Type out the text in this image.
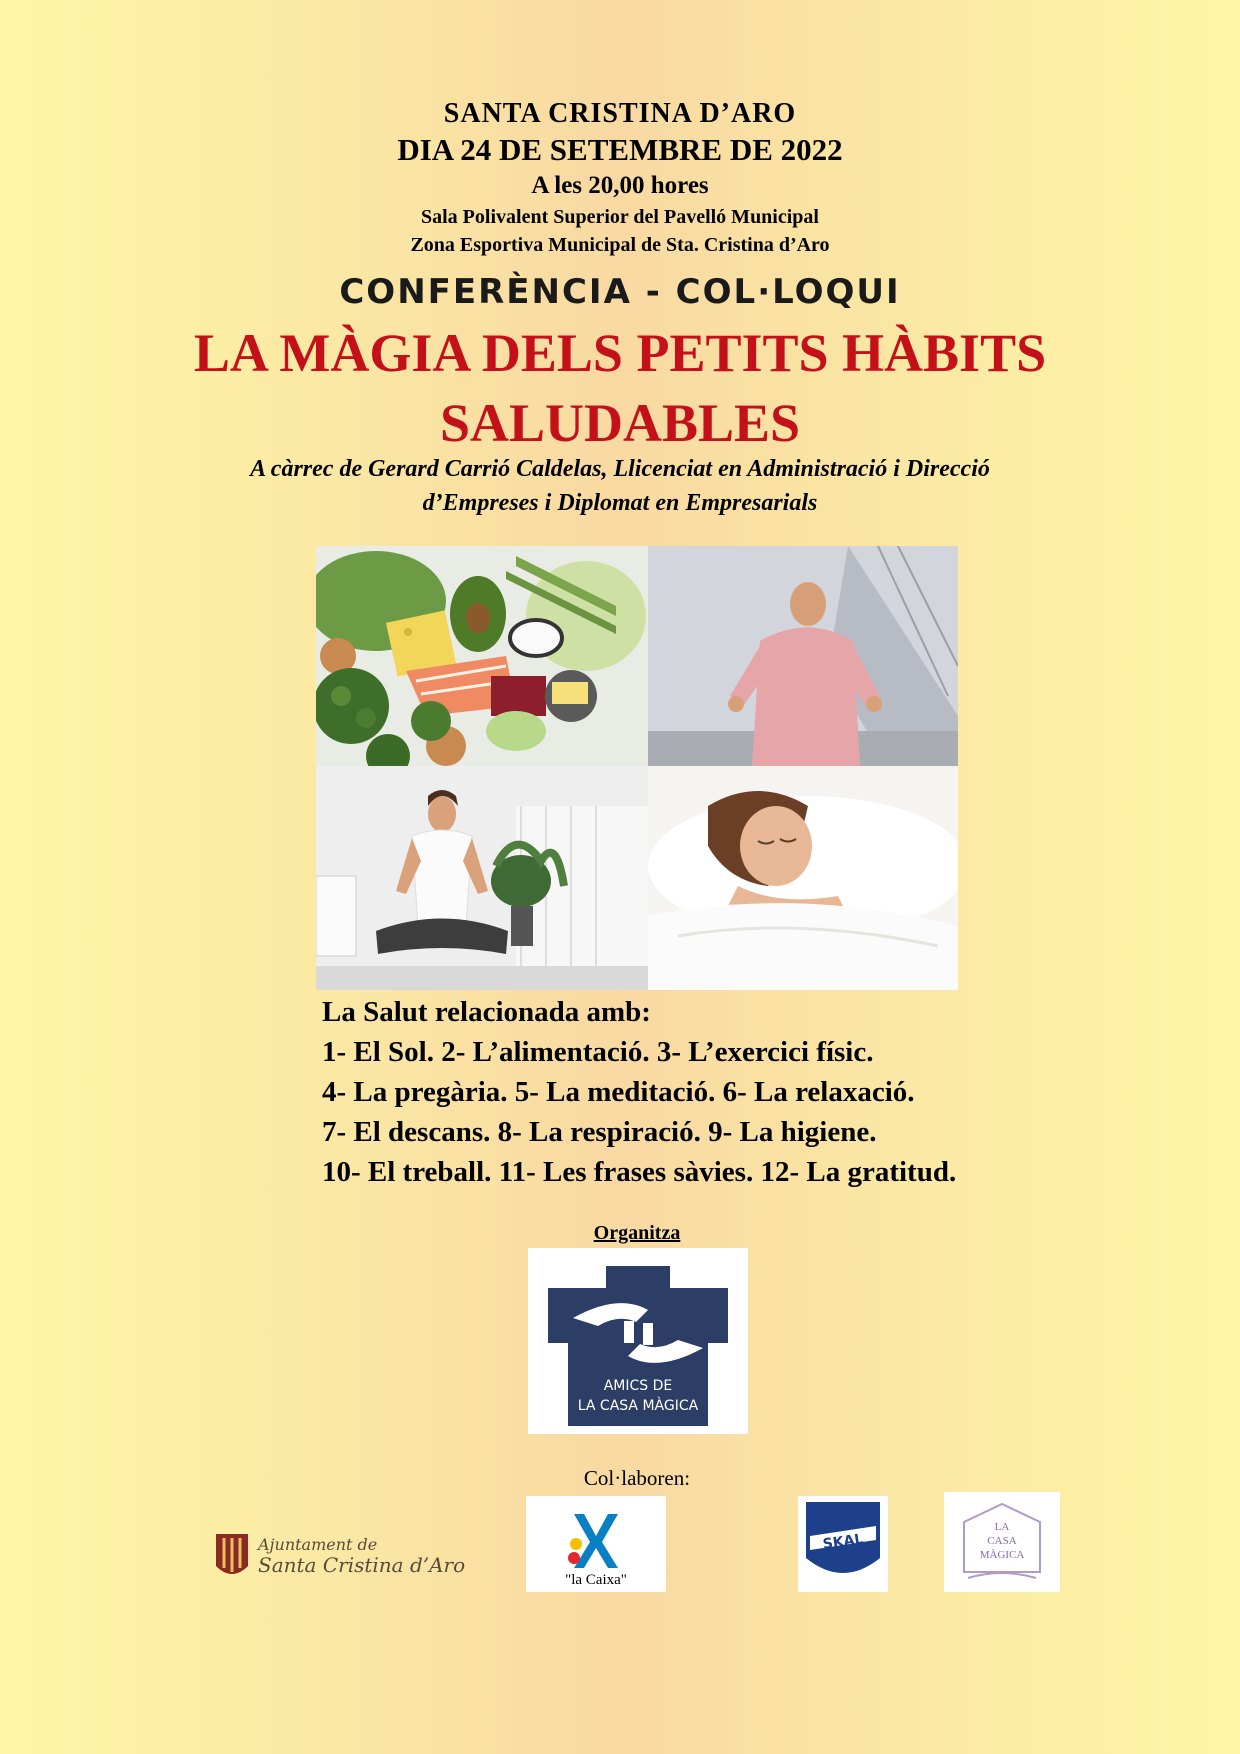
SANTA CRISTINA D’ARO
DIA 24 DE SETEMBRE DE 2022
A les 20,00 hores
Sala Polivalent Superior del Pavelló Municipal
Zona Esportiva Municipal de Sta. Cristina d’Aro
CONFERÈNCIA - COL·LOQUI
LA MÀGIA DELS PETITS HÀBITS
SALUDABLES
A càrrec de Gerard Carrió Caldelas, Llicenciat en Administració i Direcció
d’Empreses i Diplomat en Empresarials
La Salut relacionada amb:
1- El Sol. 2- L’alimentació. 3- L’exercici físic.
4- La pregària. 5- La meditació. 6- La relaxació.
7- El descans. 8- La respiració. 9- La higiene.
10- El treball. 11- Les frases sàvies. 12- La gratitud.
Organitza
AMICS DE
LA CASA MÀGICA
Col·laboren:
Ajuntament de
Santa Cristina d’Aro
"la Caixa"
SKAL
LA
CASA
MÀGICA
